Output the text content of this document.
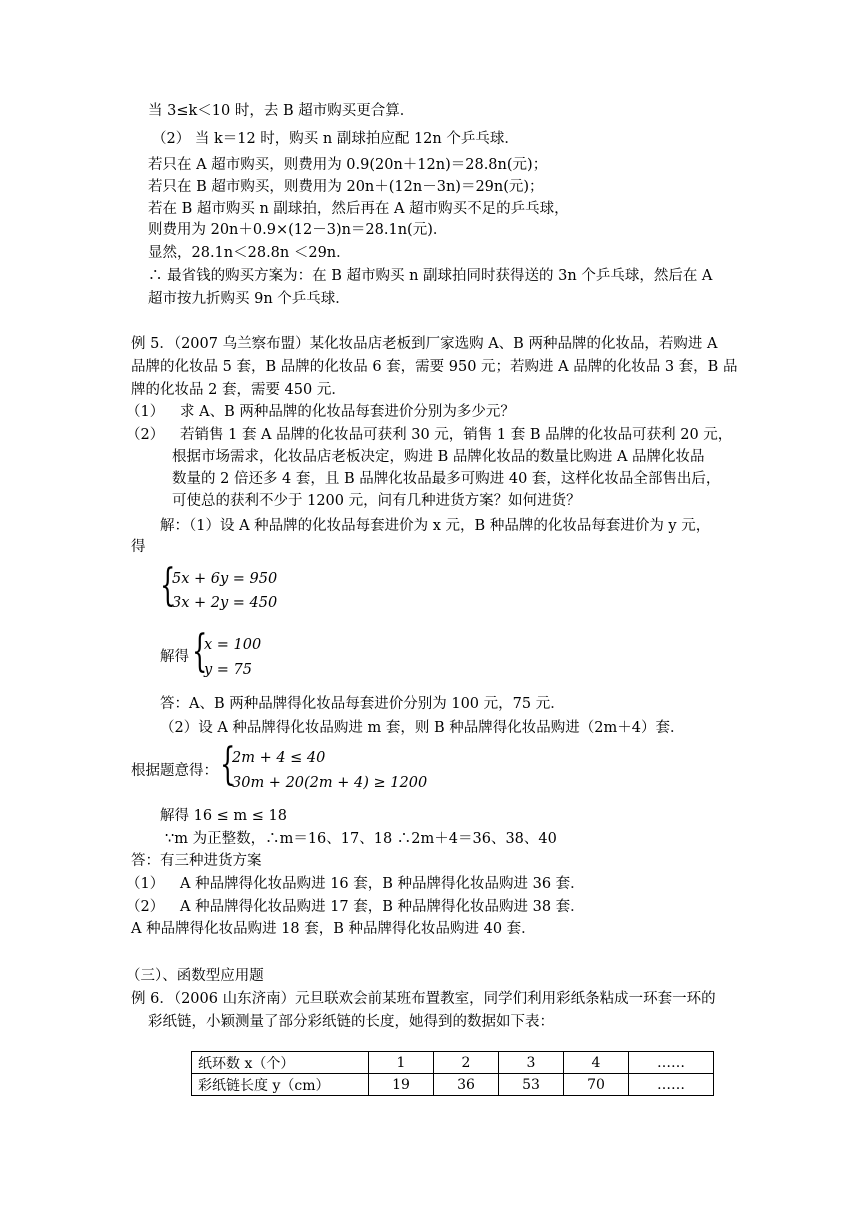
当 3≤k＜10 时，去 B 超市购买更合算．
（2） 当 k＝12 时，购买 n 副球拍应配 12n 个乒乓球．
若只在 A 超市购买，则费用为 0.9(20n＋12n)＝28.8n(元)；
若只在 B 超市购买，则费用为 20n＋(12n－3n)＝29n(元)；
若在 B 超市购买 n 副球拍，然后再在 A 超市购买不足的乒乓球，
则费用为 20n＋0.9×(12－3)n＝28.1n(元)．
显然，28.1n＜28.8n ＜29n．
∴ 最省钱的购买方案为：在 B 超市购买 n 副球拍同时获得送的 3n 个乒乓球，然后在 A
超市按九折购买 9n 个乒乓球．
例 5．（2007 乌兰察布盟）某化妆品店老板到厂家选购 A、B 两种品牌的化妆品，若购进 A
品牌的化妆品 5 套，B 品牌的化妆品 6 套，需要 950 元；若购进 A 品牌的化妆品 3 套，B 品
牌的化妆品 2 套，需要 450 元．
（1） 求 A、B 两种品牌的化妆品每套进价分别为多少元？
（2） 若销售 1 套 A 品牌的化妆品可获利 30 元，销售 1 套 B 品牌的化妆品可获利 20 元，
根据市场需求，化妆品店老板决定，购进 B 品牌化妆品的数量比购进 A 品牌化妆品
数量的 2 倍还多 4 套，且 B 品牌化妆品最多可购进 40 套，这样化妆品全部售出后，
可使总的获利不少于 1200 元，问有几种进货方案？如何进货？
解：（1）设 A 种品牌的化妆品每套进价为 x 元，B 种品牌的化妆品每套进价为 y 元，
得
{
5x + 6y = 950
3x + 2y = 450
解得 {
x = 100
y = 75
答：A、B 两种品牌得化妆品每套进价分别为 100 元，75 元．
（2）设 A 种品牌得化妆品购进 m 套，则 B 种品牌得化妆品购进（2m＋4）套．
根据题意得： {
2m + 4 ≤ 40
30m + 20(2m + 4) ≥ 1200
解得 16 ≤ m ≤ 18
∵m 为正整数，∴m＝16、17、18 ∴2m＋4＝36、38、40
答：有三种进货方案
（1） A 种品牌得化妆品购进 16 套，B 种品牌得化妆品购进 36 套．
（2） A 种品牌得化妆品购进 17 套，B 种品牌得化妆品购进 38 套．
A 种品牌得化妆品购进 18 套，B 种品牌得化妆品购进 40 套．
（三）、函数型应用题
例 6．（2006 山东济南）元旦联欢会前某班布置教室，同学们利用彩纸条粘成一环套一环的
彩纸链，小颖测量了部分彩纸链的长度，她得到的数据如下表：
纸环数 x（个）	1	2	3	4	……
彩纸链长度 y（cm）	19	36	53	70	……
